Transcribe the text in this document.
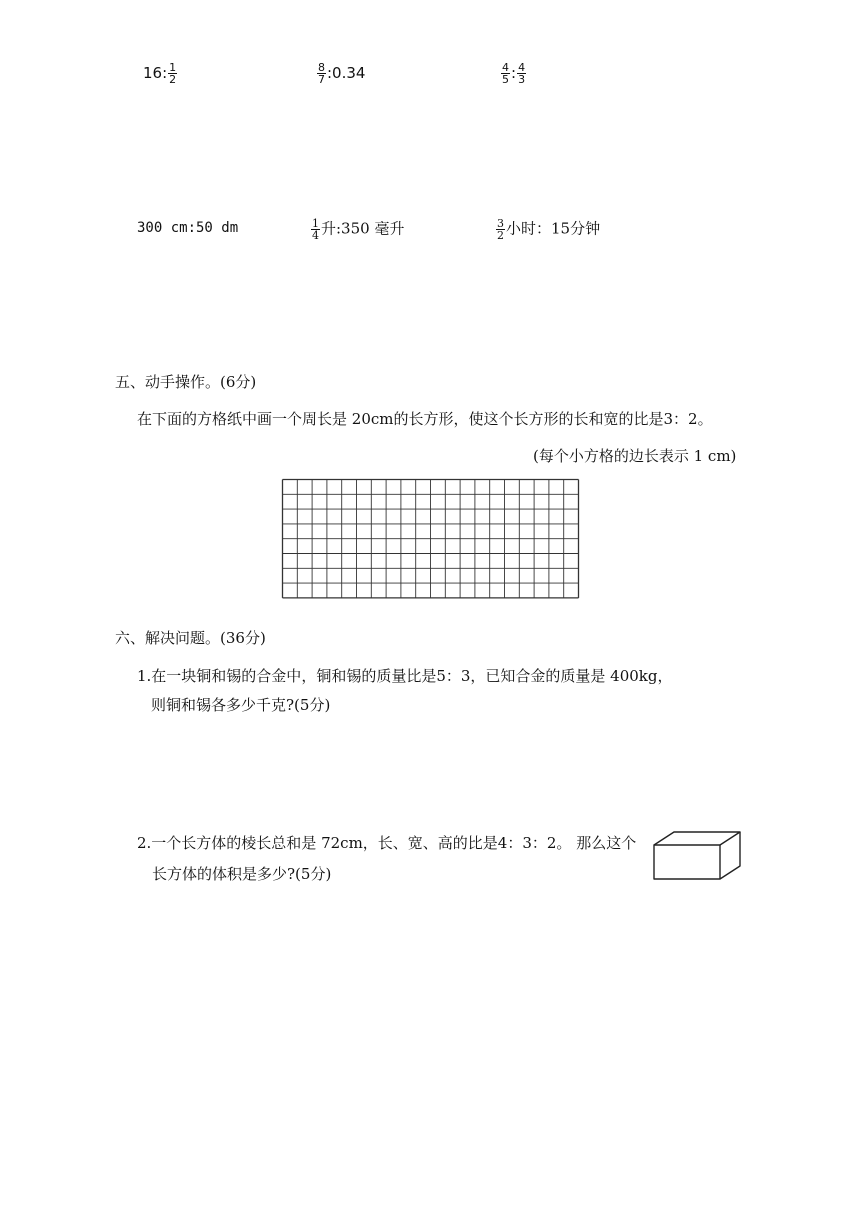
16: $\frac{1}{2}$	$\frac{8}{7}$ :0.34	$\frac{4}{5}$ : $\frac{4}{3}$
300 cm:50 dm	$\frac{1}{4}$ 升:350 毫升	$\frac{3}{2}$ 小时：15分钟
五、动手操作。(6分)
在下面的方格纸中画一个周长是 20cm的长方形，使这个长方形的长和宽的比是3：2。
(每个小方格的边长表示 1 cm)
六、解决问题。(36分)
1.在一块铜和锡的合金中，铜和锡的质量比是5：3，已知合金的质量是 400kg，
则铜和锡各多少千克?(5分)
2.一个长方体的棱长总和是 72cm，长、宽、高的比是4：3：2。 那么这个
长方体的体积是多少?(5分)
